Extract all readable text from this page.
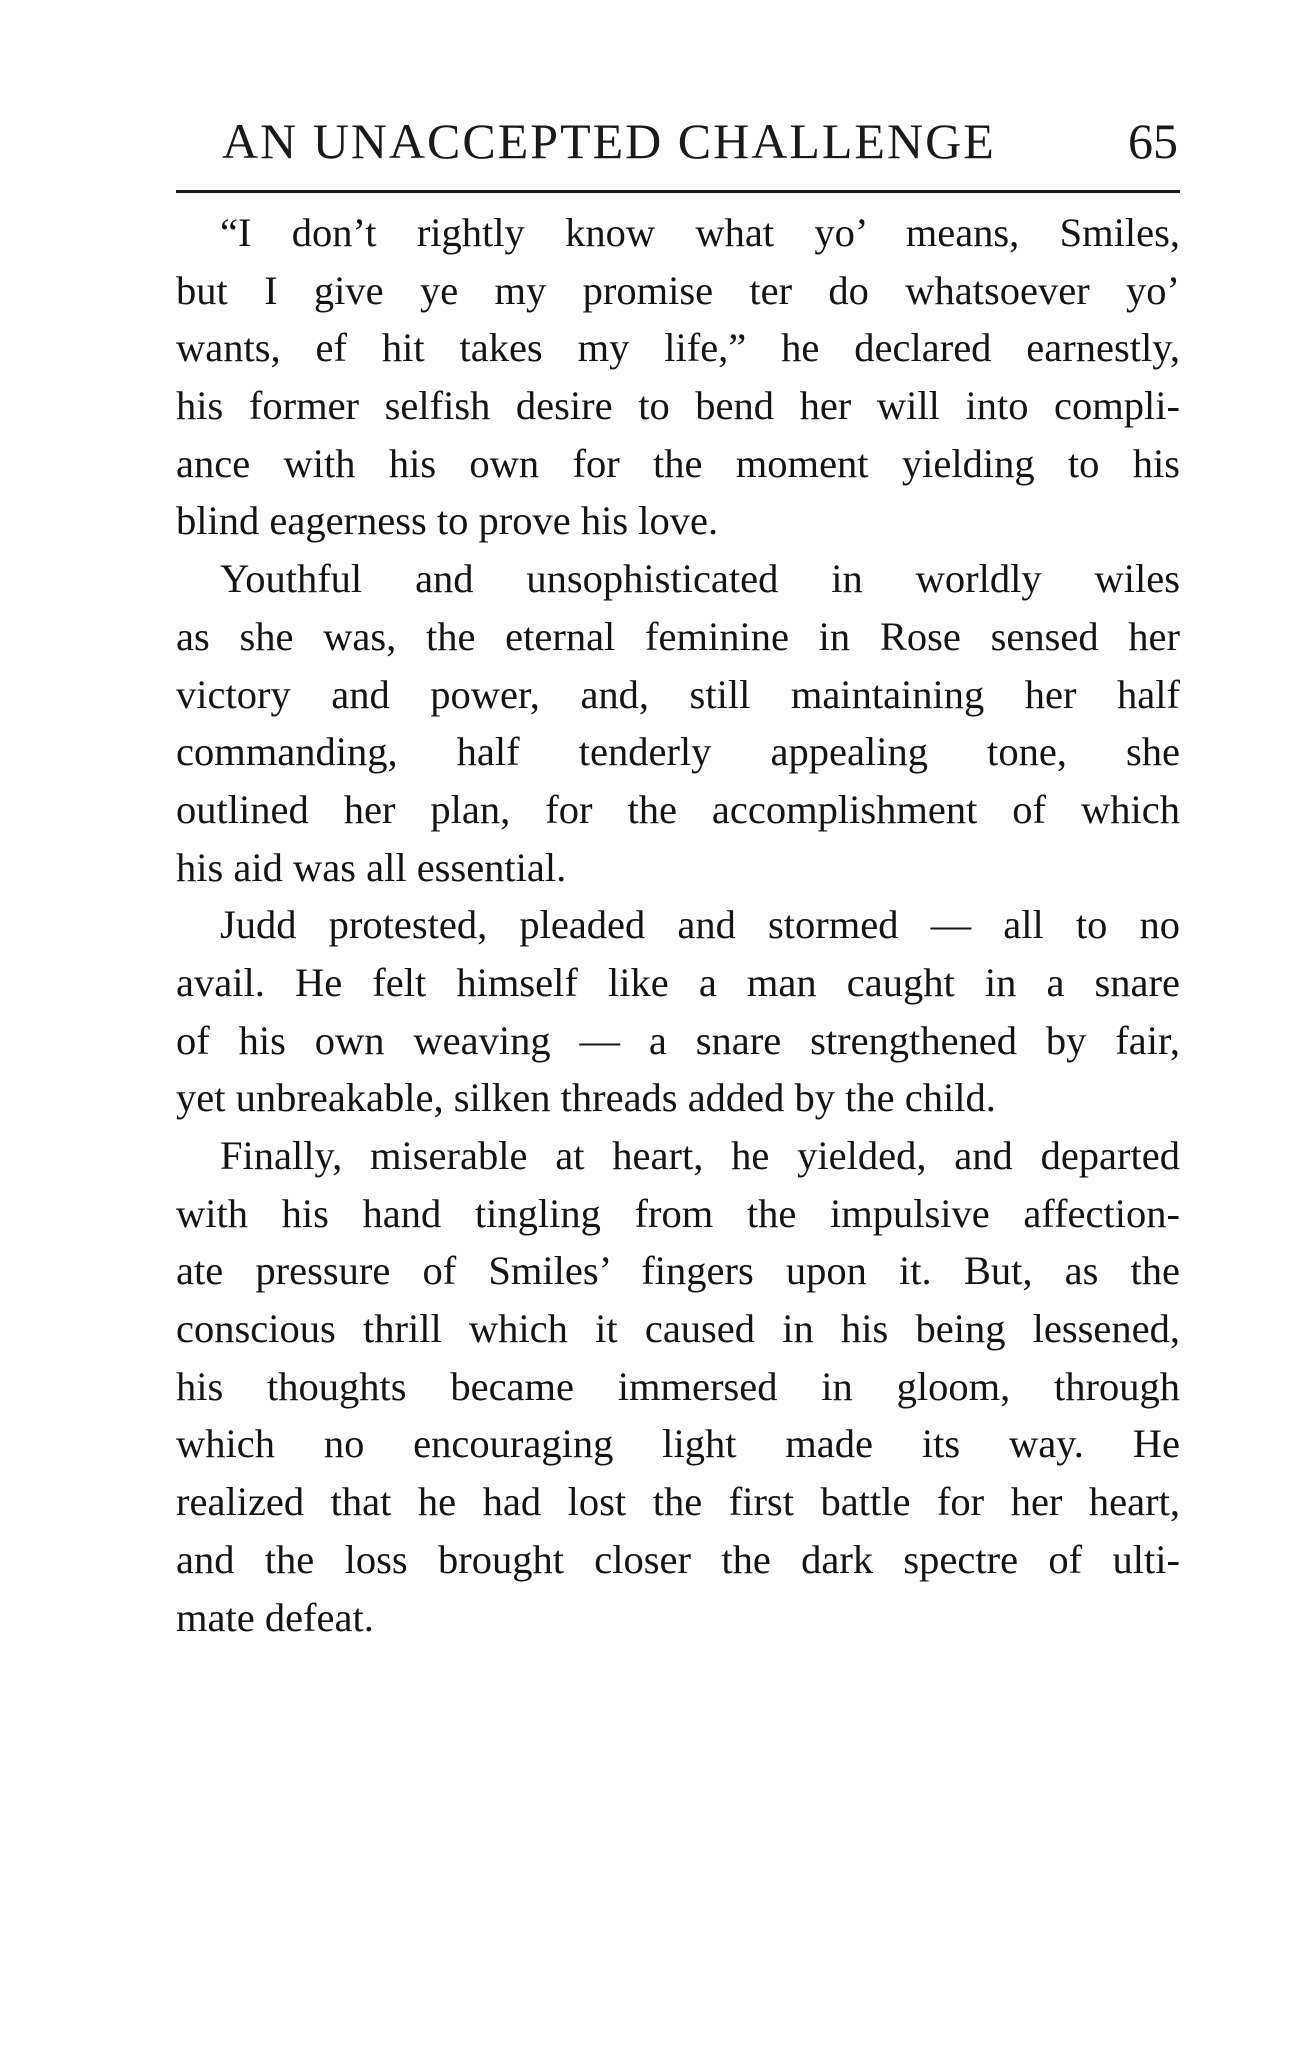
AN UNACCEPTED CHALLENGE	65
“I don’t rightly know what yo’ means, Smiles,
but I give ye my promise ter do whatsoever yo’
wants, ef hit takes my life,” he declared earnestly,
his former selfish desire to bend her will into compli-
ance with his own for the moment yielding to his
blind eagerness to prove his love.
Youthful and unsophisticated in worldly wiles
as she was, the eternal feminine in Rose sensed her
victory and power, and, still maintaining her half
commanding, half tenderly appealing tone, she
outlined her plan, for the accomplishment of which
his aid was all essential.
Judd protested, pleaded and stormed — all to no
avail. He felt himself like a man caught in a snare
of his own weaving — a snare strengthened by fair,
yet unbreakable, silken threads added by the child.
Finally, miserable at heart, he yielded, and departed
with his hand tingling from the impulsive affection-
ate pressure of Smiles’ fingers upon it. But, as the
conscious thrill which it caused in his being lessened,
his thoughts became immersed in gloom, through
which no encouraging light made its way. He
realized that he had lost the first battle for her heart,
and the loss brought closer the dark spectre of ulti-
mate defeat.
